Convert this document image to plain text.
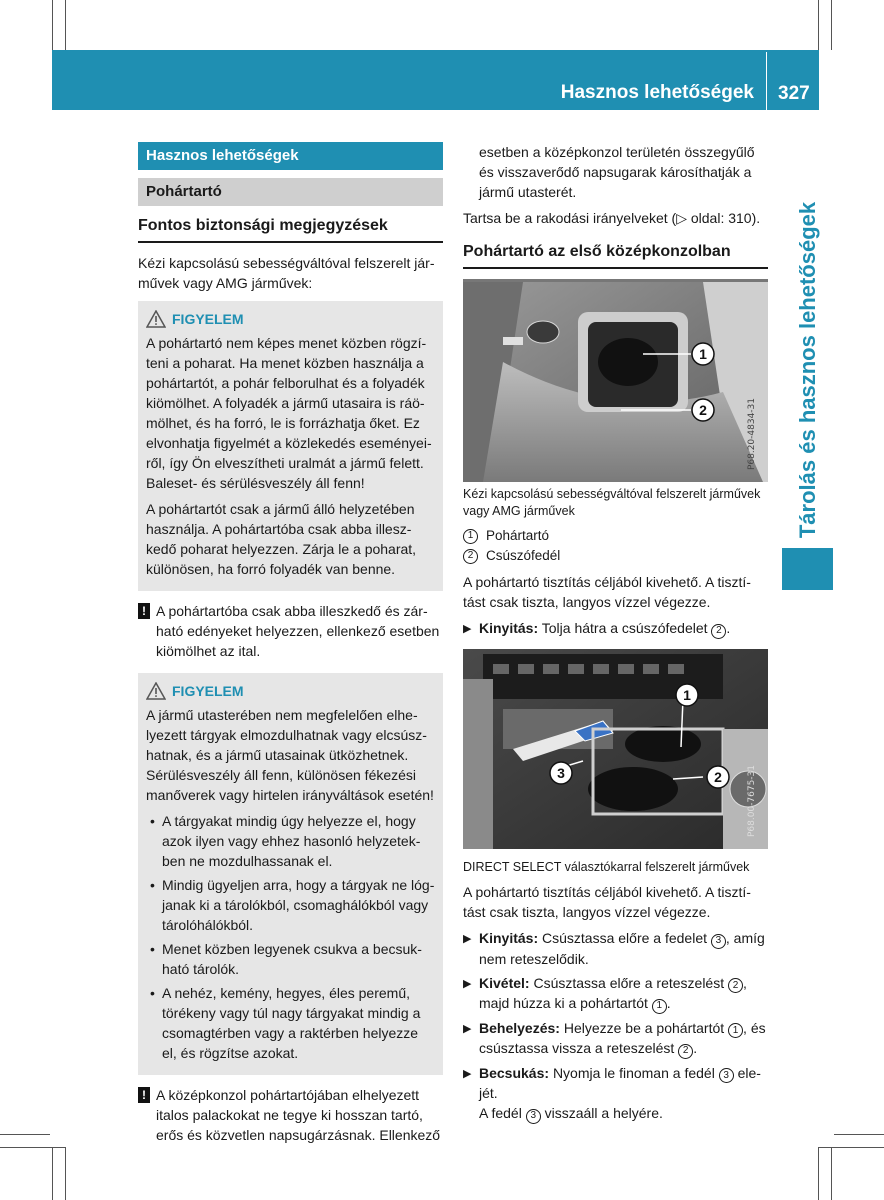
Hasznos lehetőségek 327
Tárolás és hasznos lehetőségek
Hasznos lehetőségek
Pohártartó
Fontos biztonsági megjegyzések

Kézi kapcsolású sebességváltóval felszerelt járművek vagy AMG járművek:

FIGYELEM

A pohártartó nem képes menet közben rögzíteni a poharat. Ha menet közben használja a pohártartót, a pohár felborulhat és a folyadék kiömölhet. A folyadék a jármű utasaira is ráömölhet, és ha forró, le is forrázhatja őket. Ez elvonhatja figyelmét a közlekedés eseményeiről, így Ön elveszítheti uralmát a jármű felett. Baleset- és sérülésveszély áll fenn!

A pohártartót csak a jármű álló helyzetében használja. A pohártartóba csak abba illeszkedő poharat helyezzen. Zárja le a poharat, különösen, ha forró folyadék van benne.

! A pohártartóba csak abba illeszkedő és zárható edényeket helyezzen, ellenkező esetben kiömölhet az ital.
FIGYELEM

A jármű utasterében nem megfelelően elhelyezett tárgyak elmozdulhatnak vagy elcsúszhatnak, és a jármű utasainak ütközhetnek. Sérülésveszély áll fenn, különösen fékezési manőverek vagy hirtelen irányváltások esetén!

• A tárgyakat mindig úgy helyezze el, hogy azok ilyen vagy ehhez hasonló helyzetekben ne mozdulhassanak el.
• Mindig ügyeljen arra, hogy a tárgyak ne lógjanak ki a tárolókból, csomaghálókból vagy tárolóhálókból.
• Menet közben legyenek csukva a becsukható tárolók.
• A nehéz, kemény, hegyes, éles peremű, törékeny vagy túl nagy tárgyakat mindig a csomagtérben vagy a raktérben helyezze el, és rögzítse azokat.
! A középkonzol pohártartójában elhelyezett italos palackokat ne tegye ki hosszan tartó, erős és közvetlen napsugárzásnak. Ellenkező

esetben a középkonzol területén összegyűlő és visszaverődő napsugarak károsíthatják a jármű utasterét.

Tartsa be a rakodási irányelveket (▷ oldal: 310).

Pohártartó az első középkonzolban
1
2	P68.20-4834-31
Kézi kapcsolású sebességváltóval felszerelt járművek vagy AMG járművek
1 Pohártartó
2 Csúszófedél

A pohártartó tisztítás céljából kivehető. A tisztítást csak tiszta, langyos vízzel végezze.

▶ Kinyitás: Tolja hátra a csúszófedelet 2 .
1
2
3	P68.00-7675-31
DIRECT SELECT választókarral felszerelt járművek

A pohártartó tisztítás céljából kivehető. A tisztítást csak tiszta, langyos vízzel végezze.

▶ Kinyitás: Csúsztassa előre a fedelet 3 , amíg nem reteszelődik.
▶ Kivétel: Csúsztassa előre a reteszelést 2 , majd húzza ki a pohártartót 1 .
▶ Behelyezés: Helyezze be a pohártartót 1 , és csúsztassa vissza a reteszelést 2 .
▶ Becsukás: Nyomja le finoman a fedél 3 elejét.
A fedél 3 visszaáll a helyére.
